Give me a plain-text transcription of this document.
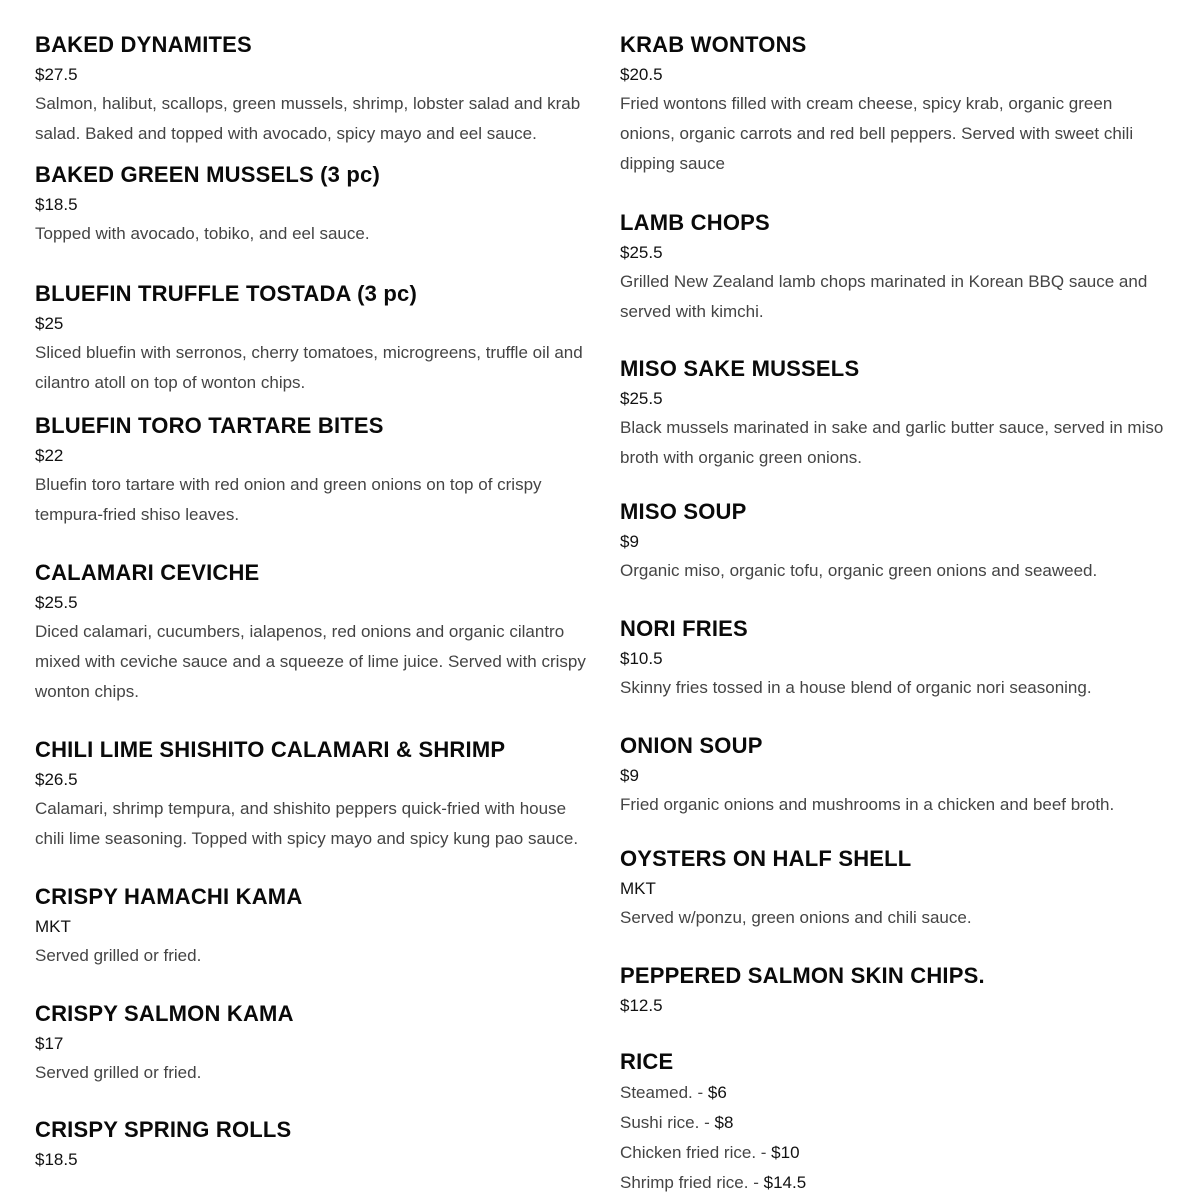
BAKED DYNAMITES
$27.5
Salmon, halibut, scallops, green mussels, shrimp, lobster salad and krab salad. Baked and topped with avocado, spicy mayo and eel sauce.
BAKED GREEN MUSSELS (3 pc)
$18.5
Topped with avocado, tobiko, and eel sauce.
BLUEFIN TRUFFLE TOSTADA (3 pc)
$25
Sliced bluefin with serronos, cherry tomatoes, microgreens, truffle oil and cilantro atoll on top of wonton chips.
BLUEFIN TORO TARTARE BITES
$22
Bluefin toro tartare with red onion and green onions on top of crispy tempura-fried shiso leaves.
CALAMARI CEVICHE
$25.5
Diced calamari, cucumbers, ialapenos, red onions and organic cilantro mixed with ceviche sauce and a squeeze of lime juice. Served with crispy wonton chips.
CHILI LIME SHISHITO CALAMARI & SHRIMP
$26.5
Calamari, shrimp tempura, and shishito peppers quick-fried with house chili lime seasoning. Topped with spicy mayo and spicy kung pao sauce.
CRISPY HAMACHI KAMA
MKT
Served grilled or fried.
CRISPY SALMON KAMA
$17
Served grilled or fried.
CRISPY SPRING ROLLS
$18.5
KRAB WONTONS
$20.5
Fried wontons filled with cream cheese, spicy krab, organic green onions, organic carrots and red bell peppers. Served with sweet chili dipping sauce
LAMB CHOPS
$25.5
Grilled New Zealand lamb chops marinated in Korean BBQ sauce and served with kimchi.
MISO SAKE MUSSELS
$25.5
Black mussels marinated in sake and garlic butter sauce, served in miso broth with organic green onions.
MISO SOUP
$9
Organic miso, organic tofu, organic green onions and seaweed.
NORI FRIES
$10.5
Skinny fries tossed in a house blend of organic nori seasoning.
ONION SOUP
$9
Fried organic onions and mushrooms in a chicken and beef broth.
OYSTERS ON HALF SHELL
MKT
Served w/ponzu, green onions and chili sauce.
PEPPERED SALMON SKIN CHIPS.
$12.5
RICE
Steamed. - $6
Sushi rice. - $8
Chicken fried rice. - $10
Shrimp fried rice. - $14.5
